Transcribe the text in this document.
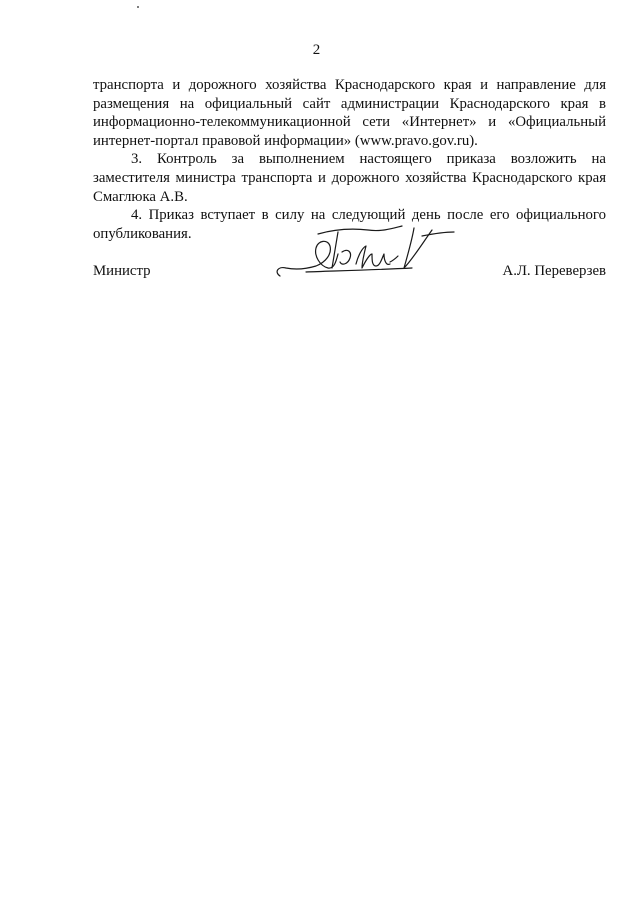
2

транспорта и дорожного хозяйства Краснодарского края и направление для размещения на официальный сайт администрации Краснодарского края в информационно-телекоммуникационной сети «Интернет» и «Официальный интернет-портал правовой информации» (www.pravo.gov.ru).

3. Контроль за выполнением настоящего приказа возложить на заместителя министра транспорта и дорожного хозяйства Краснодарского края Смаглюка А.В.

4. Приказ вступает в силу на следующий день после его официального опубликования.

Министр	А.Л. Переверзев
